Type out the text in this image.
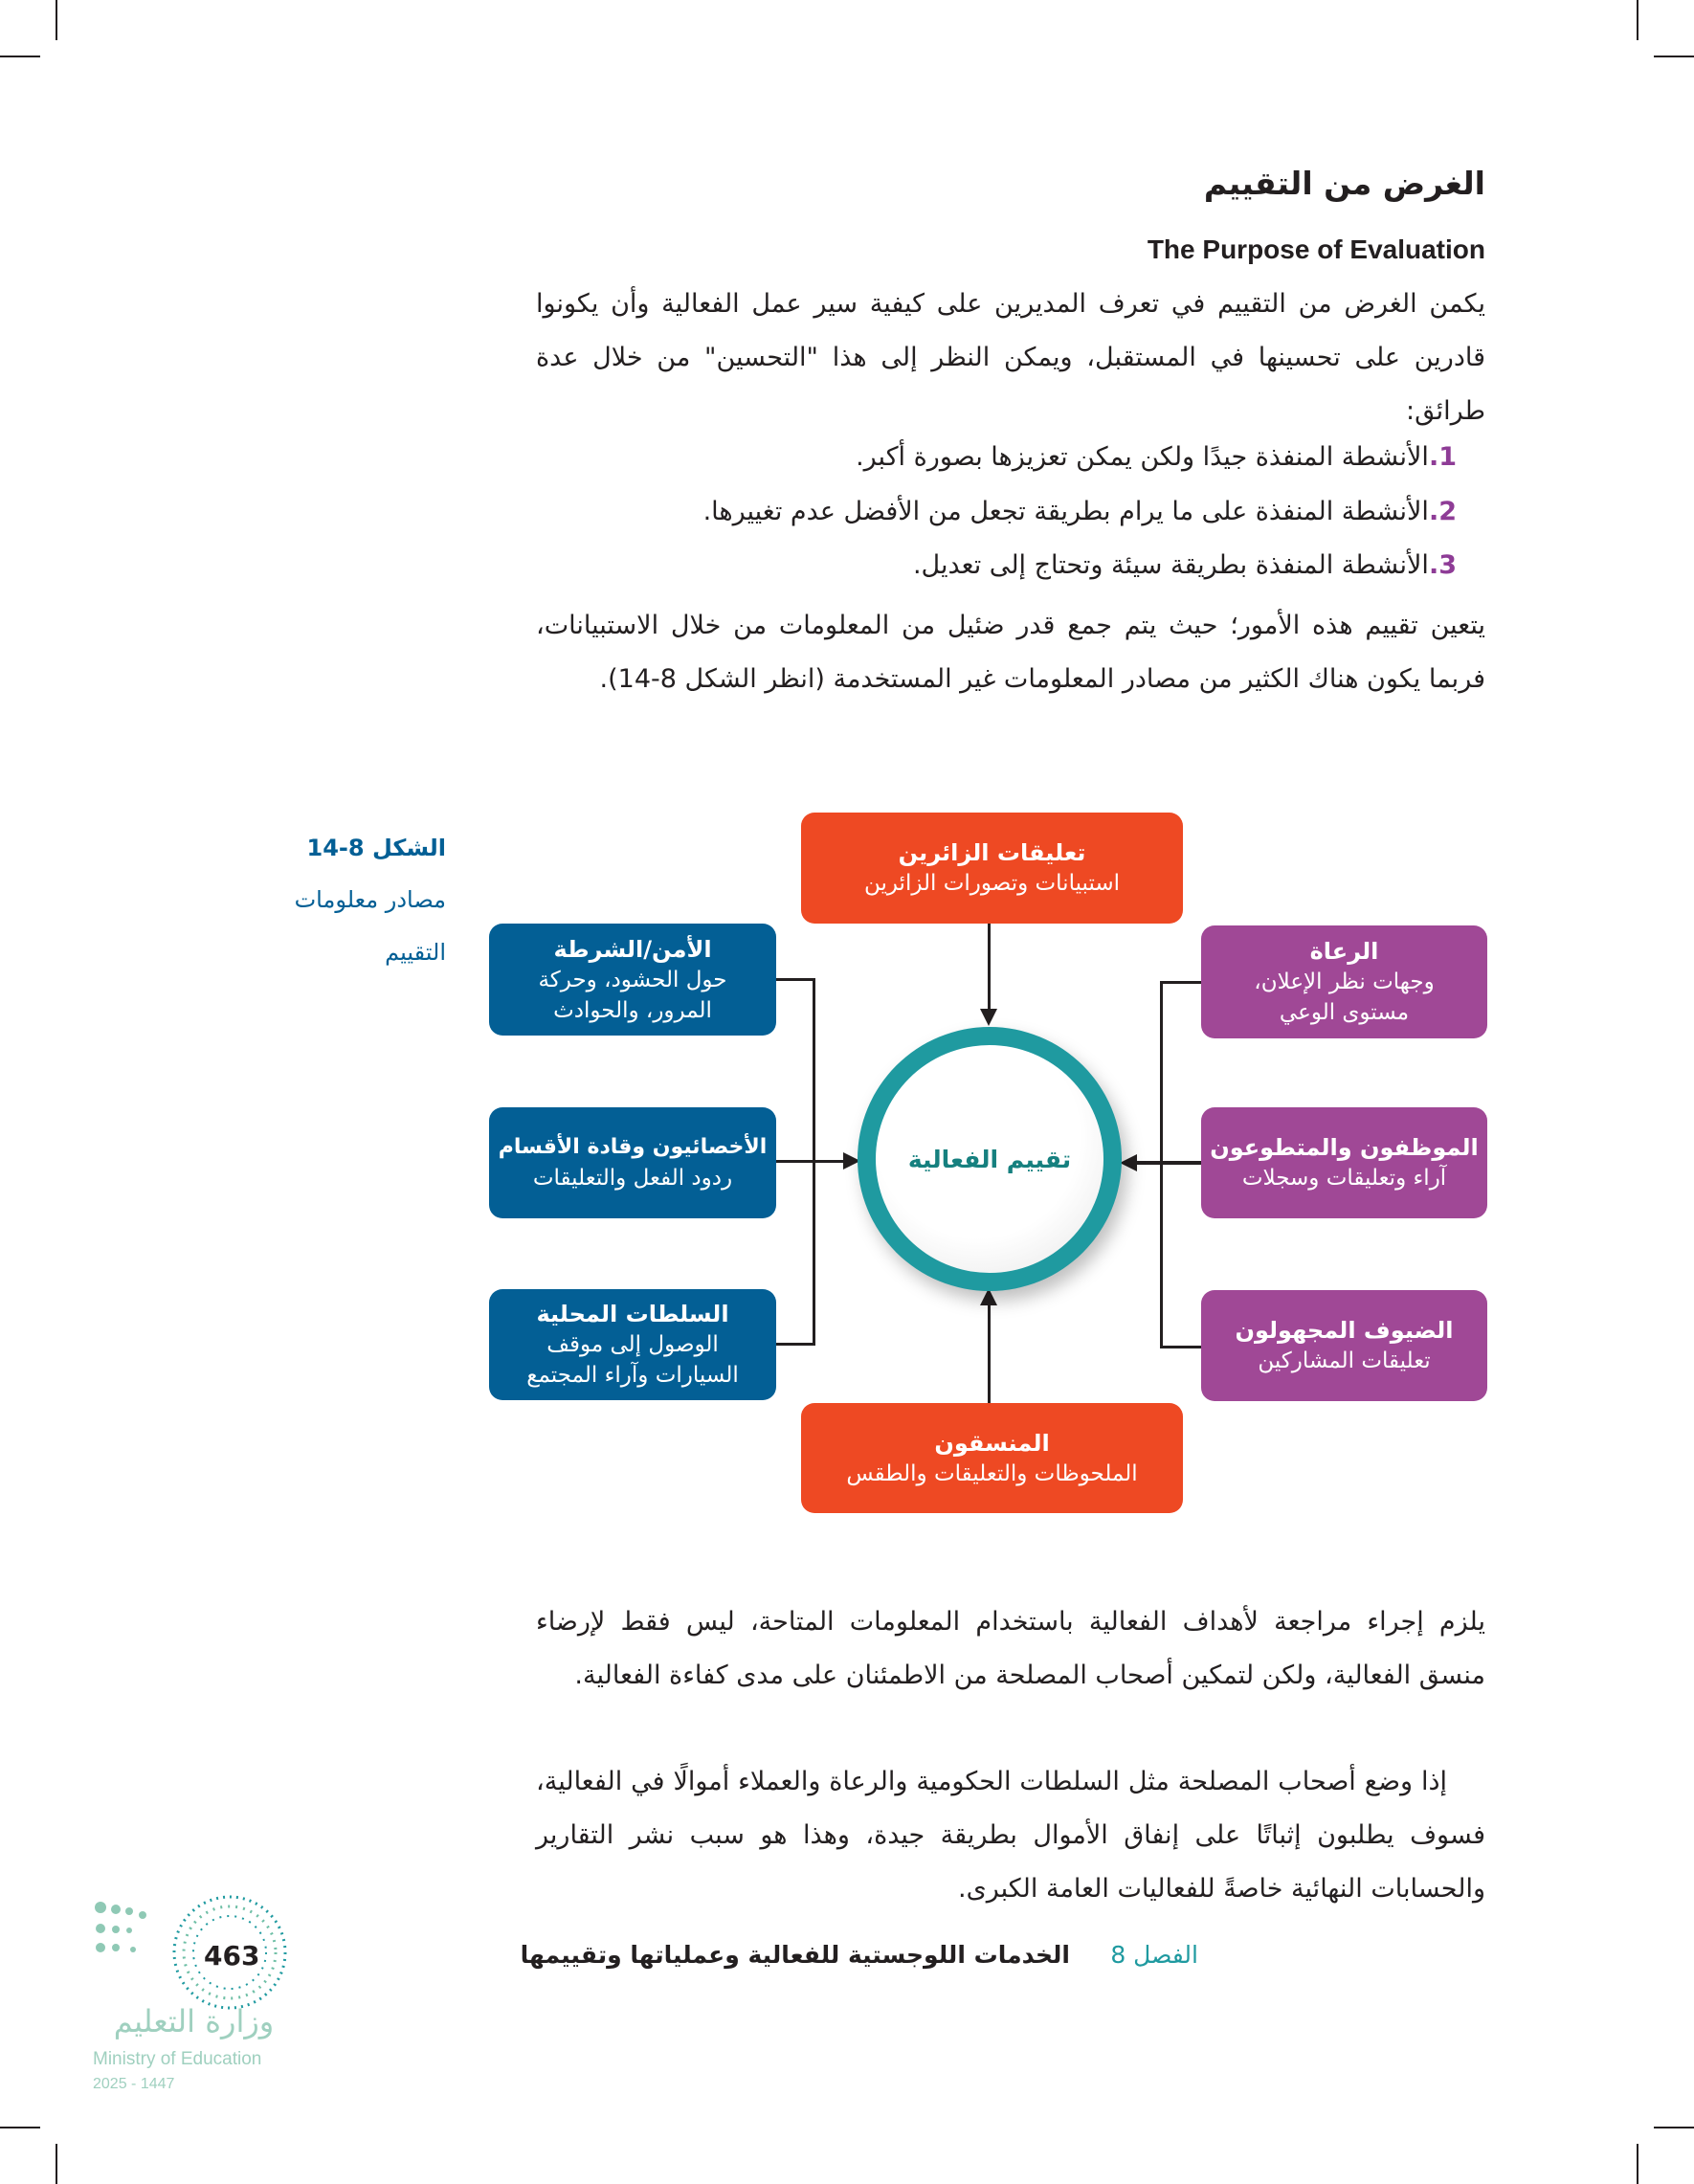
الغرض من التقييم
The Purpose of Evaluation
يكمن الغرض من التقييم في تعرف المديرين على كيفية سير عمل الفعالية وأن يكونوا قادرين على تحسينها في المستقبل، ويمكن النظر إلى هذا "التحسين" من خلال عدة طرائق:
1.الأنشطة المنفذة جيدًا ولكن يمكن تعزيزها بصورة أكبر.
2.الأنشطة المنفذة على ما يرام بطريقة تجعل من الأفضل عدم تغييرها.
3.الأنشطة المنفذة بطريقة سيئة وتحتاج إلى تعديل.
يتعين تقييم هذه الأمور؛ حيث يتم جمع قدر ضئيل من المعلومات من خلال الاستبيانات، فربما يكون هناك الكثير من مصادر المعلومات غير المستخدمة (انظر الشكل 8-14).
الشكل 8-14
مصادر معلومات
التقييم
تقييم الفعالية
تعليقات الزائرين
استبيانات وتصورات الزائرين
المنسقون
الملحوظات والتعليقات والطقس
الأمن/الشرطة
حول الحشود، وحركة المرور، والحوادث
الأخصائيون وقادة الأقسام
ردود الفعل والتعليقات
السلطات المحلية
الوصول إلى موقف السيارات وآراء المجتمع
الرعاة
وجهات نظر الإعلان، مستوى الوعي
الموظفون والمتطوعون
آراء وتعليقات وسجلات
الضيوف المجهولون
تعليقات المشاركين
يلزم إجراء مراجعة لأهداف الفعالية باستخدام المعلومات المتاحة، ليس فقط لإرضاء منسق الفعالية، ولكن لتمكين أصحاب المصلحة من الاطمئنان على مدى كفاءة الفعالية.
إذا وضع أصحاب المصلحة مثل السلطات الحكومية والرعاة والعملاء أموالًا في الفعالية، فسوف يطلبون إثباتًا على إنفاق الأموال بطريقة جيدة، وهذا هو سبب نشر التقارير والحسابات النهائية خاصةً للفعاليات العامة الكبرى.
الفصل 8
الخدمات اللوجستية للفعالية وعملياتها وتقييمها
463
وزارة التعليم
Ministry of Education
2025 - 1447
